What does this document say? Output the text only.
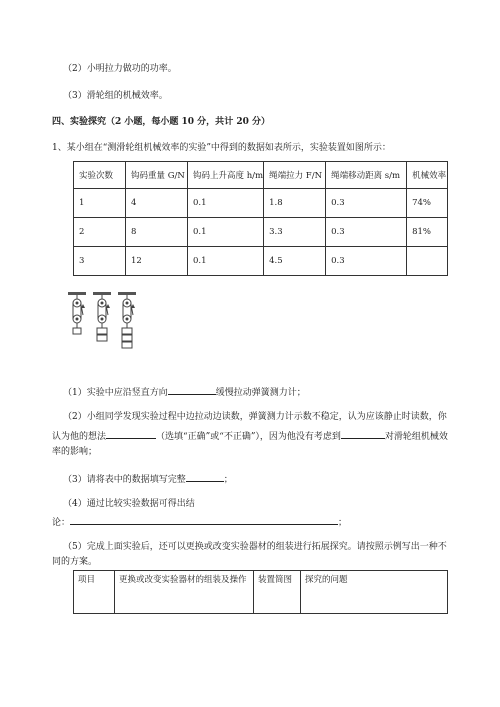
（2）小明拉力做功的功率。
（3）滑轮组的机械效率。
四、实验探究（2 小题，每小题 10 分，共计 20 分）
1、某小组在“测滑轮组机械效率的实验”中得到的数据如表所示，实验装置如图所示：
实验次数	钩码重量 G/N	钩码上升高度 h/m	绳端拉力 F/N	绳端移动距离 s/m	机械效率
1	4	0.1	1.8	0.3	74%
2	8	0.1	3.3	0.3	81%
3	12	0.1	4.5	0.3	
（1）实验中应沿竖直方向	缓慢拉动弹簧测力计；
（2）小组同学发现实验过程中边拉动边读数，弹簧测力计示数不稳定，认为应该静止时读数，你
认为他的想法	（选填“正确”或“不正确”），因为他没有考虑到	对滑轮组机械效
率的影响；
（3）请将表中的数据填写完整	；
（4）通过比较实验数据可得出结
论：	；
（5）完成上面实验后，还可以更换或改变实验器材的组装进行拓展探究。请按照示例写出一种不
同的方案。
项目	更换或改变实验器材的组装及操作	装置简图	探究的问题
